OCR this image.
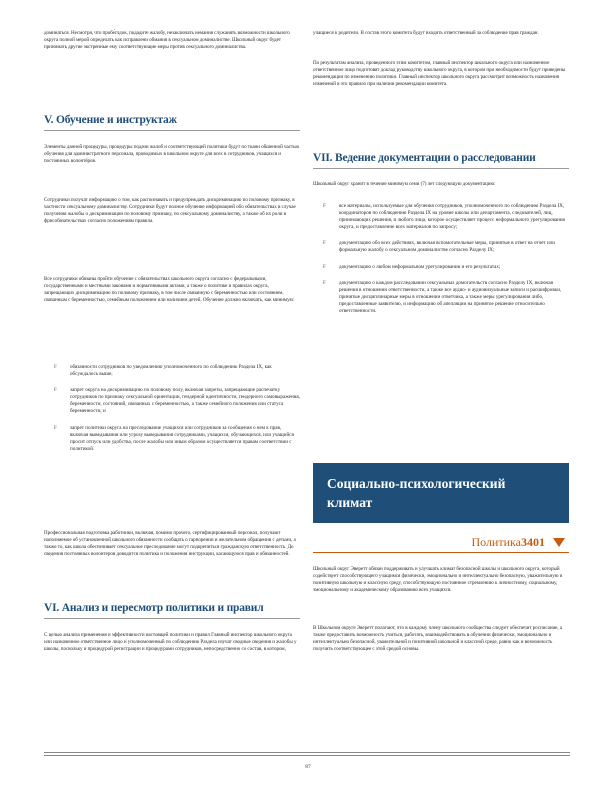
доминаться. Несмотря, что пробе́глдок, подадите жалобу, незаключать немания служанять возможности школьного округа полной мерой определать как исправлени обмания в сексуальном доминалистве. Школьный округ будет принимать другие экстренные ему соответствующие меры против сексуального доминалиства.

V. Обучение и инструктаж

Элементы данной процедуры, процедуры подачи жалоб и соответствующей политики будут по ткани обшенной частью обучения для администратного персонала, проводимых в школьном округе для всех в сотрудников, учащихся и постоянных волонтёров.

Сотрудники получат информацию о том, как распознавать и предупреждать дискриминацию по половому признаку, в частности сексуальному доминалиству. Сотрудники будут полное обучение информацией обо обязательствах в случае получения жалобы о дискриминации по половому признаку, по сексуальному доминалиству, а также об их роли в фрисобязательствах согласно положениям правила.

Все сотрудники обязаны пройти обучение с обязательствах школьного округа согласно с федеральными, государственными и местными законами и нормативными актами, а также о политике и правилах округа, запрещающих дискриминацию по половому признаку, в том числе связанную с беременностью или состоянием, связанным с беременностью, семейным положением или наличием детей. Обучение должно включать, как минимум:

F	обязанности сотрудников по уведомлению уполномоченного по соблюдению Раздела IX, как обсуждалось выше;
F	запрет округа на дискриминацию по половому полу, включая запреты, запрещающие распечатку сотрудников по признаку сексуальной ориентации, гендерной идентичности, гендерного самовыражения, беременности, состояний, связанных с беременностью, а также семейного положения или статуса беременности, и
F	запрет политики округа на преследование учащихся или сотрудников за сообщения о нем к прав, включая выведывания или угрозу выведывания сотрудниками, учащихся, обучающихся, или учащийся просит отпуск или удобства, после жалобы или иным образом осуществляется правам соответствии с политикой.

Профессиональная подготовка работники, включая, помимо прочего, сертифицированный персонал, получают наполняемое об установленной школьного обязанности сообщать о гарпорении и желательном обращении с детьми, а также то, как школа обеспечивает сексуальное преследование могут подкрепиться гражданскую ответственность. До сведения постоянных волонтеров доводится политика и положения инструкции, касающуюся прав и обязанностей.

VI. Анализ и пересмотр политики и правил

С целью анализа применения и эффективности настоящей политики и правил Главный инспектор школьного округа или назначенное ответственное лицо и уполномоченный по соблюдению Раздела изучат сводные сведения и жалобы у школы, поскольку и процедурой регистрации и процедурами сотрудников, непосредственно со состав, в котором,

учащиеся к родители. В состав этого комитета будут входить ответственный за соблюдение прав граждан.

По результатам анализа, проведенного этим комитетом, главный инспектор школьного округа или назначенное ответственное лицо подготовят доклад руководству школьного округа, в котором при необходимости будут приведены рекомендации по изменению политики. Главный инспектор школьного округа рассмотрит возможность назначения изменений в это правило при наличии рекомендации комитета.

VII. Ведение документации о расследовании

Школьный округ хранит в течение минимум семи (7) лет следующую документацию:

F	все материалы, используемые для обучения сотрудников, уполномоченного по соблюдению Раздела IX, координаторов по соблюдению Раздела IX на уровне школы или департамента, следователей, лиц, принимающих решения, и любого лица, которое осуществляет процесс неформального урегулирования округа, и предоставление всех материалов по запросу;
F	документацию обо всех действиях, включая вспомогательные меры, принятые в ответ на отчет или формальную жалобу о сексуальном доминалистве согласно Разделу IX;
F	документацию о любом неформальном урегулировании и его результатах;
F	документацию о каждом расследовании сексуальных домогательств согласно Разделу IX, включая решения в отношении ответственности, а также все аудио- и аудиовизуальные записи и расшифровки, принятые дисциплинарные меры в отношении ответчика, а также меры урегулирования либо, предоставленные заявителю, и информацию об апелляции на принятое решение относительно ответственности.
Социально-психологический
климат
Политика3401

Школьный округ Эверетт обязан поддерживать и улучшать климат безопасной школы и школьного округа, который содействует способствующего учащимся физически, эмоционально и интеллектуально безопасную, уважительную и позитивную школьную и классную среду, способствующую постоянное стремлению к личностному, социальному, эмоциональному и академическому образованию всех учащихся.

В Школьном округе Эверетт полагают, что в каждому члену школьного сообщества следует обеспечит росписание, а также предоставить возможность учиться, работать, взаимодействовать в обучении физически, эмоционально и интеллектуально безопасной, уважительной и позитивной школьной и классной среде, равно как и возможность получить соответствующее с этой средой основы.

87
